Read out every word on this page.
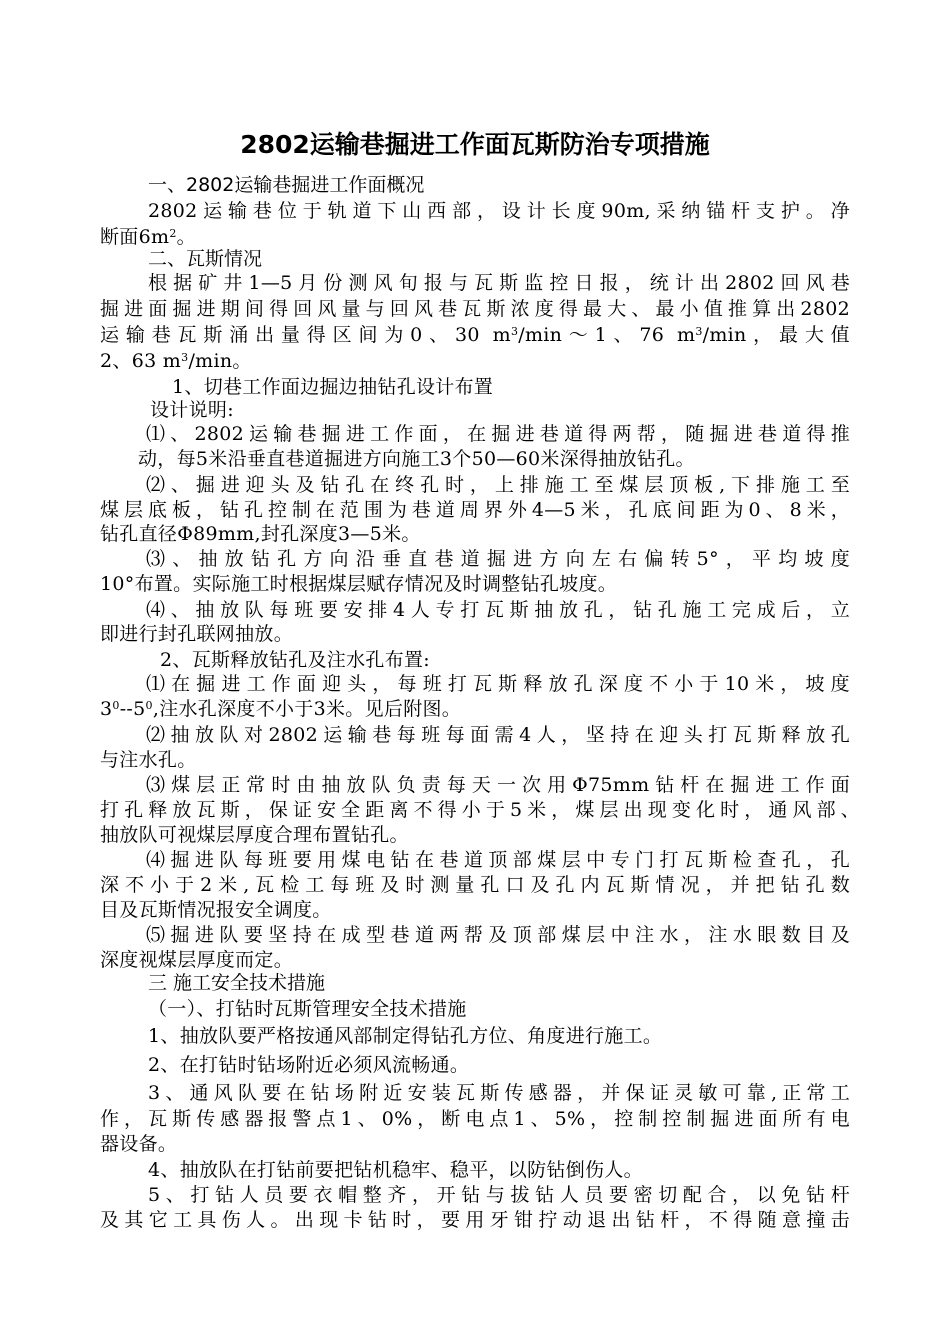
2802运输巷掘进工作面瓦斯防治专项措施
一、2802运输巷掘进工作面概况
2802运输巷位于轨道下山西部，设计长度90m,采纳锚杆支护。净
断面$6m^2$。
二、瓦斯情况
根据矿井1—5月份测风旬报与瓦斯监控日报，统计出2802回风巷
掘进面掘进期间得回风量与回风巷瓦斯浓度得最大、最小值推算出2802
运输巷瓦斯涌出量得区间为0、30 $m^3/\min\sim 1$、76 $m^3/\min$，最大值
2、63 $m^3/\min$。
1、切巷工作面边掘边抽钻孔设计布置
设计说明:
⑴、2802运输巷掘进工作面，在掘进巷道得两帮，随掘进巷道得推
动，每5米沿垂直巷道掘进方向施工3个50—60米深得抽放钻孔。
⑵、掘进迎头及钻孔在终孔时，上排施工至煤层顶板,下排施工至
煤层底板，钻孔控制在范围为巷道周界外4—5米，孔底间距为0、8米，
钻孔直径Φ89mm,封孔深度3—5米。
⑶、抽放钻孔方向沿垂直巷道掘进方向左右偏转5°，平均坡度
10°布置。实际施工时根据煤层赋存情况及时调整钻孔坡度。
⑷、抽放队每班要安排4人专打瓦斯抽放孔，钻孔施工完成后，立
即进行封孔联网抽放。
2、瓦斯释放钻孔及注水孔布置:
⑴在掘进工作面迎头，每班打瓦斯释放孔深度不小于10米，坡度
$3^0--5^0$,注水孔深度不小于3米。见后附图。
⑵抽放队对2802运输巷每班每面需4人，坚持在迎头打瓦斯释放孔
与注水孔。
⑶煤层正常时由抽放队负责每天一次用Φ75mm钻杆在掘进工作面
打孔释放瓦斯，保证安全距离不得小于5米，煤层出现变化时，通风部、
抽放队可视煤层厚度合理布置钻孔。
⑷掘进队每班要用煤电钻在巷道顶部煤层中专门打瓦斯检查孔，孔
深不小于2米,瓦检工每班及时测量孔口及孔内瓦斯情况，并把钻孔数
目及瓦斯情况报安全调度。
⑸掘进队要坚持在成型巷道两帮及顶部煤层中注水，注水眼数目及
深度视煤层厚度而定。
三 施工安全技术措施
（一）、打钻时瓦斯管理安全技术措施
1、抽放队要严格按通风部制定得钻孔方位、角度进行施工。
2、在打钻时钻场附近必须风流畅通。
3、通风队要在钻场附近安装瓦斯传感器，并保证灵敏可靠,正常工
作，瓦斯传感器报警点1、0%，断电点1、5%，控制控制掘进面所有电
器设备。
4、抽放队在打钻前要把钻机稳牢、稳平，以防钻倒伤人。
5、打钻人员要衣帽整齐，开钻与拔钻人员要密切配合，以免钻杆
及其它工具伤人。出现卡钻时，要用牙钳拧动退出钻杆，不得随意撞击
